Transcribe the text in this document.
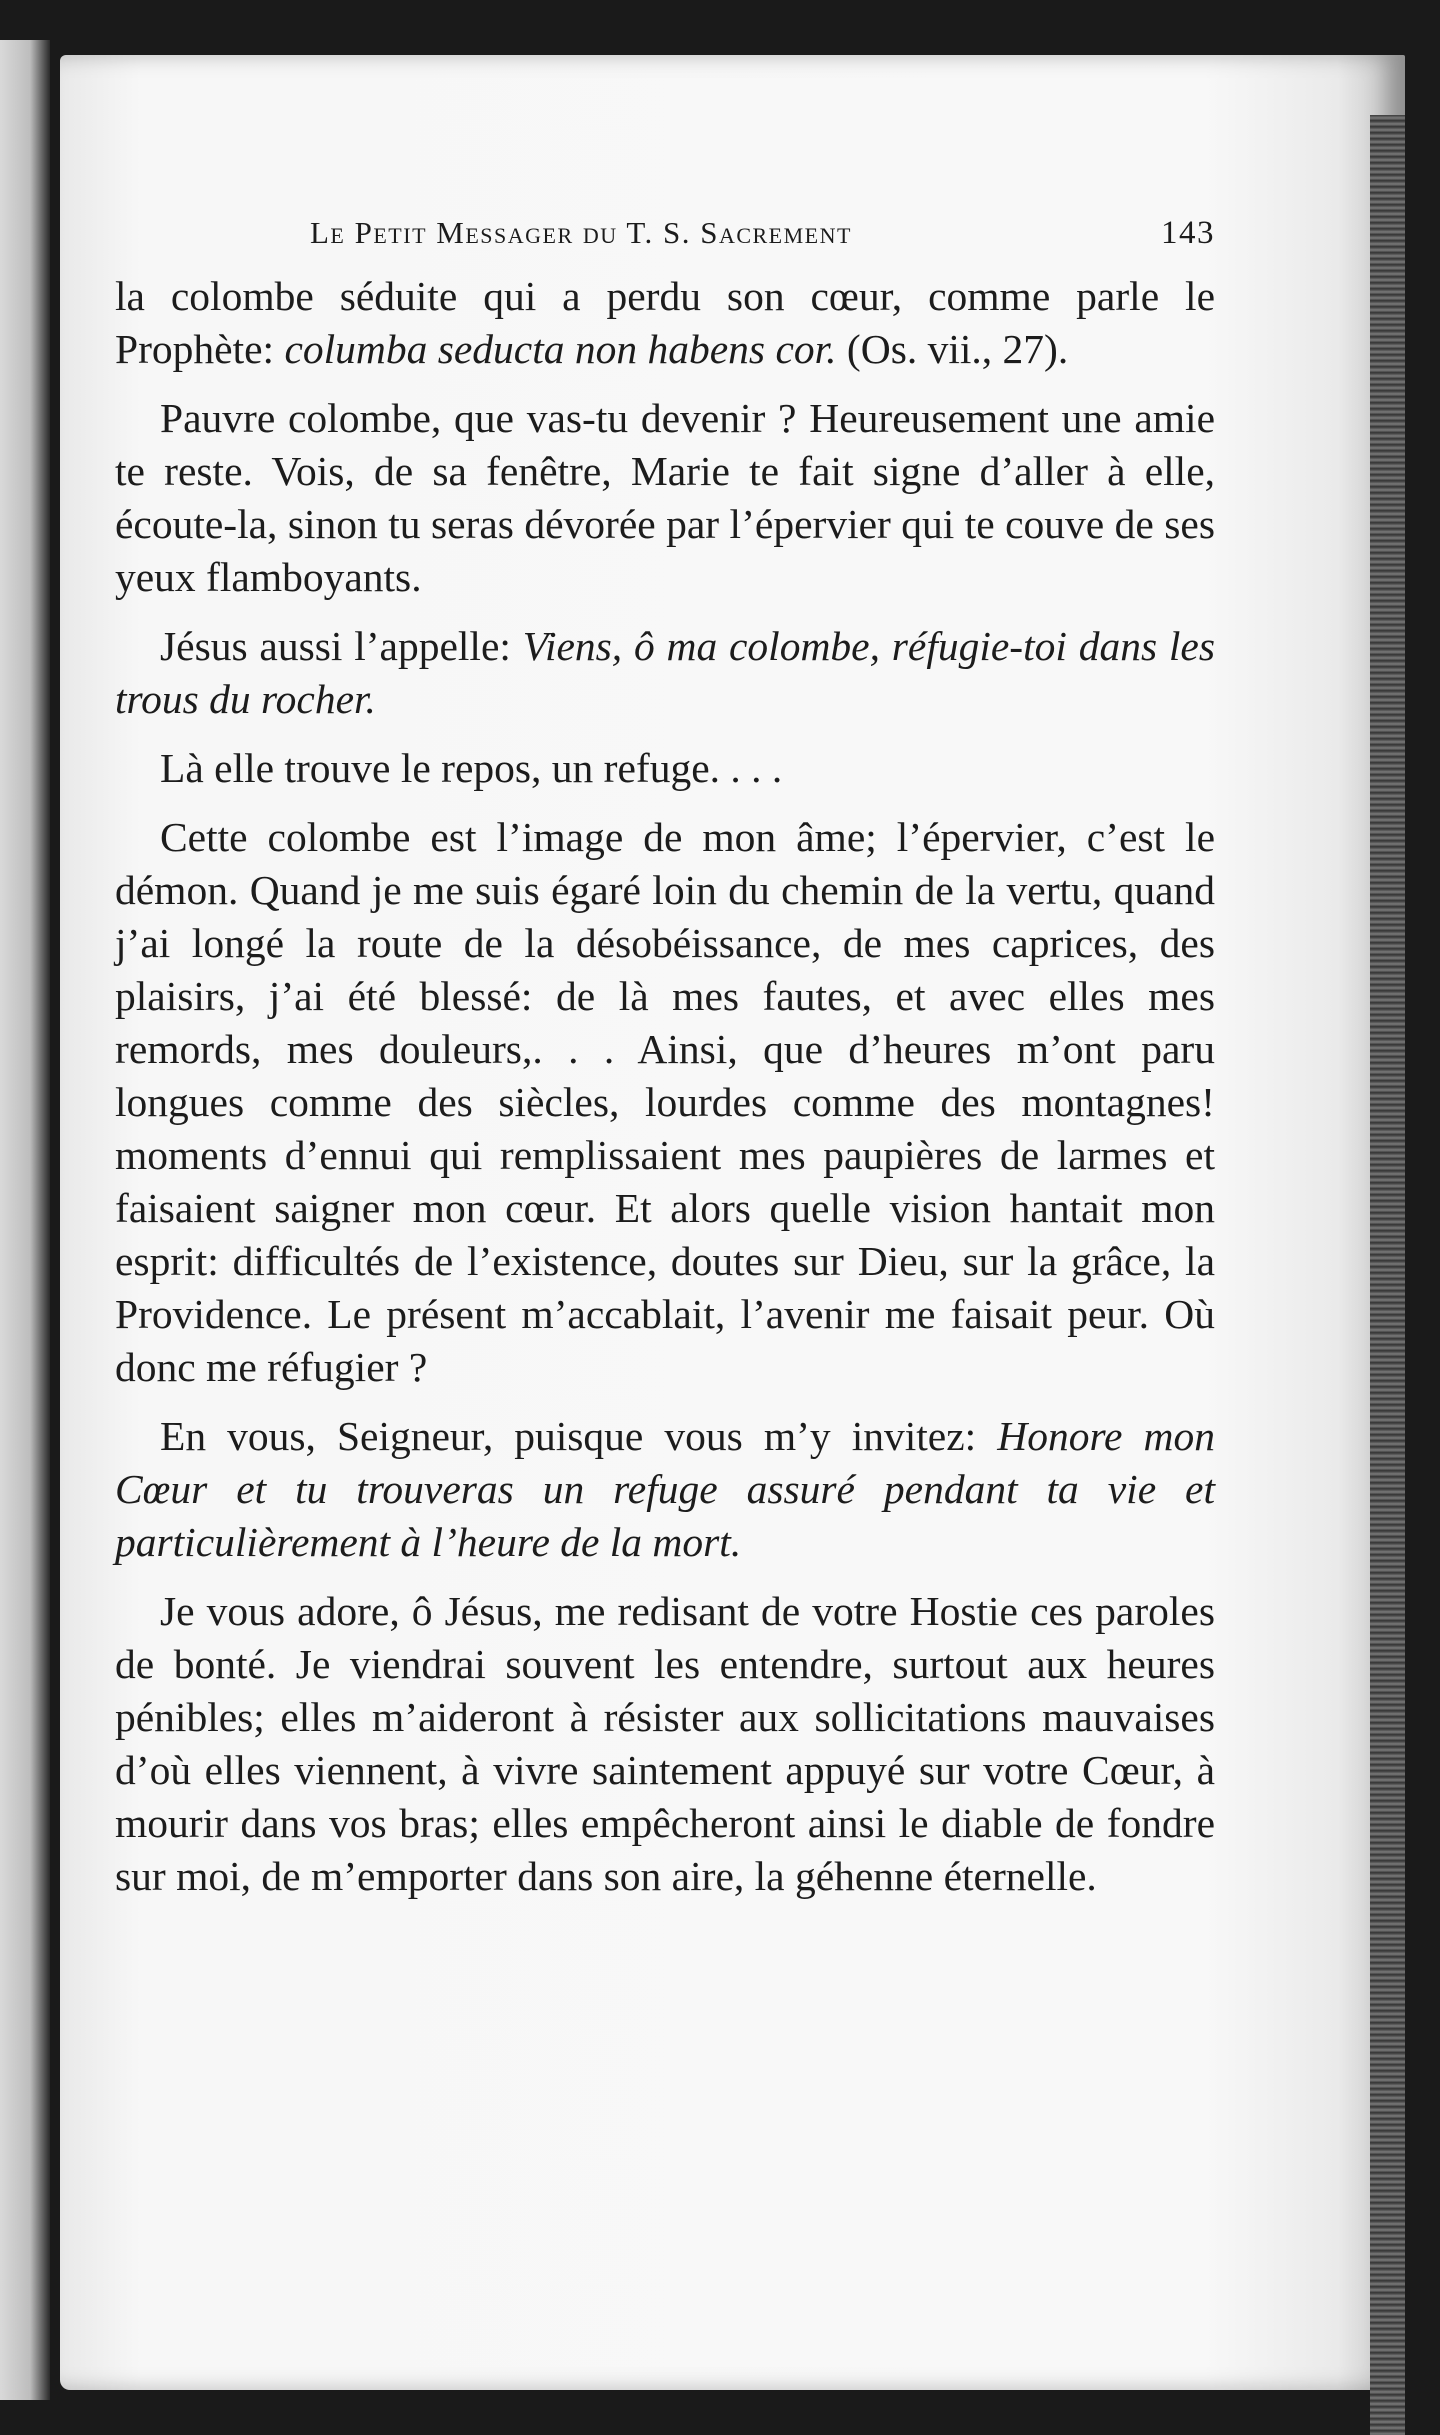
Le Petit Messager du T. S. Sacrement	143

la colombe séduite qui a perdu son cœur, comme parle le Prophète: columba seducta non habens cor. (Os. vii., 27).

Pauvre colombe, que vas-tu devenir ? Heureusement une amie te reste. Vois, de sa fenêtre, Marie te fait signe d’aller à elle, écoute-la, sinon tu seras dévorée par l’épervier qui te couve de ses yeux flamboyants.

Jésus aussi l’appelle: Viens, ô ma colombe, réfugie-toi dans les trous du rocher.

Là elle trouve le repos, un refuge. . . .

Cette colombe est l’image de mon âme; l’épervier, c’est le démon. Quand je me suis égaré loin du chemin de la vertu, quand j’ai longé la route de la désobéissance, de mes caprices, des plaisirs, j’ai été blessé: de là mes fautes, et avec elles mes remords, mes douleurs,. . . Ainsi, que d’heures m’ont paru longues comme des siècles, lourdes comme des montagnes! moments d’ennui qui remplissaient mes paupières de larmes et faisaient saigner mon cœur. Et alors quelle vision hantait mon esprit: difficultés de l’existence, doutes sur Dieu, sur la grâce, la Providence. Le présent m’accablait, l’avenir me faisait peur. Où donc me réfugier ?

En vous, Seigneur, puisque vous m’y invitez: Honore mon Cœur et tu trouveras un refuge assuré pendant ta vie et particulièrement à l’heure de la mort.

Je vous adore, ô Jésus, me redisant de votre Hostie ces paroles de bonté. Je viendrai souvent les entendre, surtout aux heures pénibles; elles m’aideront à résister aux sollicitations mauvaises d’où elles viennent, à vivre saintement appuyé sur votre Cœur, à mourir dans vos bras; elles empêcheront ainsi le diable de fondre sur moi, de m’emporter dans son aire, la géhenne éternelle.
